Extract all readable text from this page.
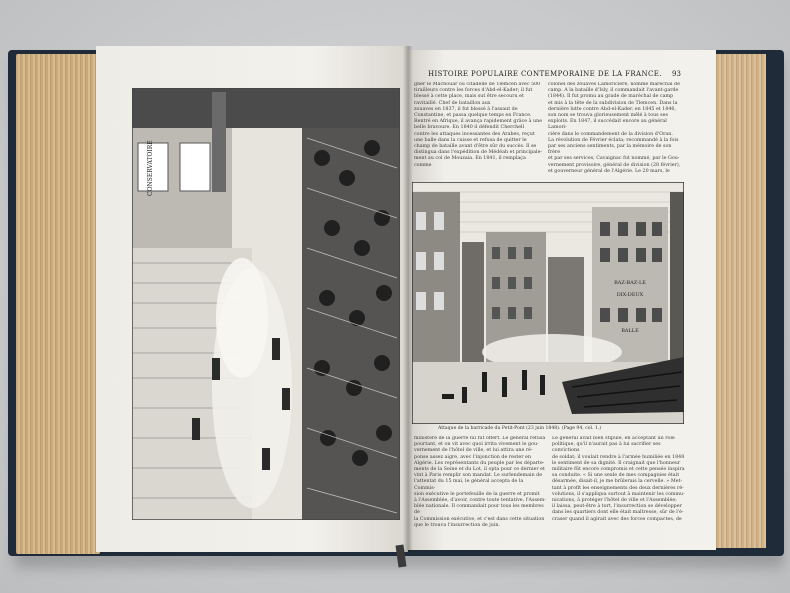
CONSERVATOIRE
HISTOIRE POPULAIRE CONTEMPORAINE DE LA FRANCE. 93

gner le Machouar ou citadelle de Tlemcen avec 500

tirailleurs contre les forces d'Abd-el-Kader; il fut

blessé à cette place, mais sut être secouru et

ravitaillé. Chef de bataillon aux

zouaves en 1837, il fut blessé à l'assaut de

Constantine, et passa quelque temps en France.

Rentré en Afrique, il avança rapidement grâce à une

belle bravoure. En 1840 il défendit Cherchell

contre les attaques incessantes des Arabes, reçut

une balle dans la cuisse et refusa de quitter le

champ de bataille avant d'être sûr du succès. Il se

distingua dans l'expédition de Médéah et principale-

ment au col de Mouzaia. En 1841, il remplaça comme

colonel des zouaves Lamoricière, nommé maréchal de

camp. A la bataille d'Isly, il commandait l'avant-garde

(1844). Il fut promu au grade de maréchal de camp

et mis à la tête de la subdivision de Tlemcen. Dans la

dernière lutte contre Abd-el-Kader, en 1845 et 1846,

son nom se trouva glorieusement mêlé à tous ses

exploits. En 1847, il succédait encore au général Lamori-

cière dans le commandement de la division d'Oran.

La révolution de Février éclata; recommandé à la fois

par ses anciens sentiments, par la mémoire de son frère

et par ses services, Cavaignac fut nommé, par le Gou-

vernement provisoire, général de division (28 février),

et gouverneur général de l'Algérie. Le 20 mars, le

BAZ-BAZ-LE
DIX-DEUX
BALLE
Attaque de la barricade du Petit-Pont (23 juin 1848). (Page 94, col. 1.)

ministère de la guerre lui fut offert. Le général refusa

pourtant, et on vit avec quoi irrita vivement le gou-

vernement de l'hôtel de ville, et lui attira une ré-

ponse assez aigre, avec l'injonction de rester en

Algérie. Les représentants du peuple par les départe-

ments de la Seine et du Lot, il opta pour ce dernier et

vint à Paris remplir son mandat. Le surlendemain de

l'attentat du 15 mai, le général accepta de la Commis-

sion exécutive le portefeuille de la guerre et promit

à l'Assemblée, d'avoir, contre toute tentative, l'Assem-

blée nationale. Il commandait pour tous les membres de

la Commission exécutive, et c'est dans cette situation

que le trouva l'insurrection de juin.

Le général avait bien stipulé, en acceptant un rôle

politique, qu'il n'aurait pas à lui sacrifier ses convictions

de soldat; il voulait rendre à l'armée humiliée en 1848

le sentiment de sa dignité. Il craignait que l'honneur

militaire fût encore compromis et cette pensée inspira

sa conduite. « Si une seule de mes compagnies était

désarmée, disait-il, je me brûlerais la cervelle. » Met-

tant à profit les enseignements des deux dernières ré-

volutions, il s'appliqua surtout à maintenir les commu-

nications, à protéger l'hôtel de ville et l'Assemblée;

il laissa, peut-être à tort, l'insurrection se développer

dans les quartiers dont elle était maîtresse, sûr de l'é-

craser quand il agirait avec des forces compactes, de
